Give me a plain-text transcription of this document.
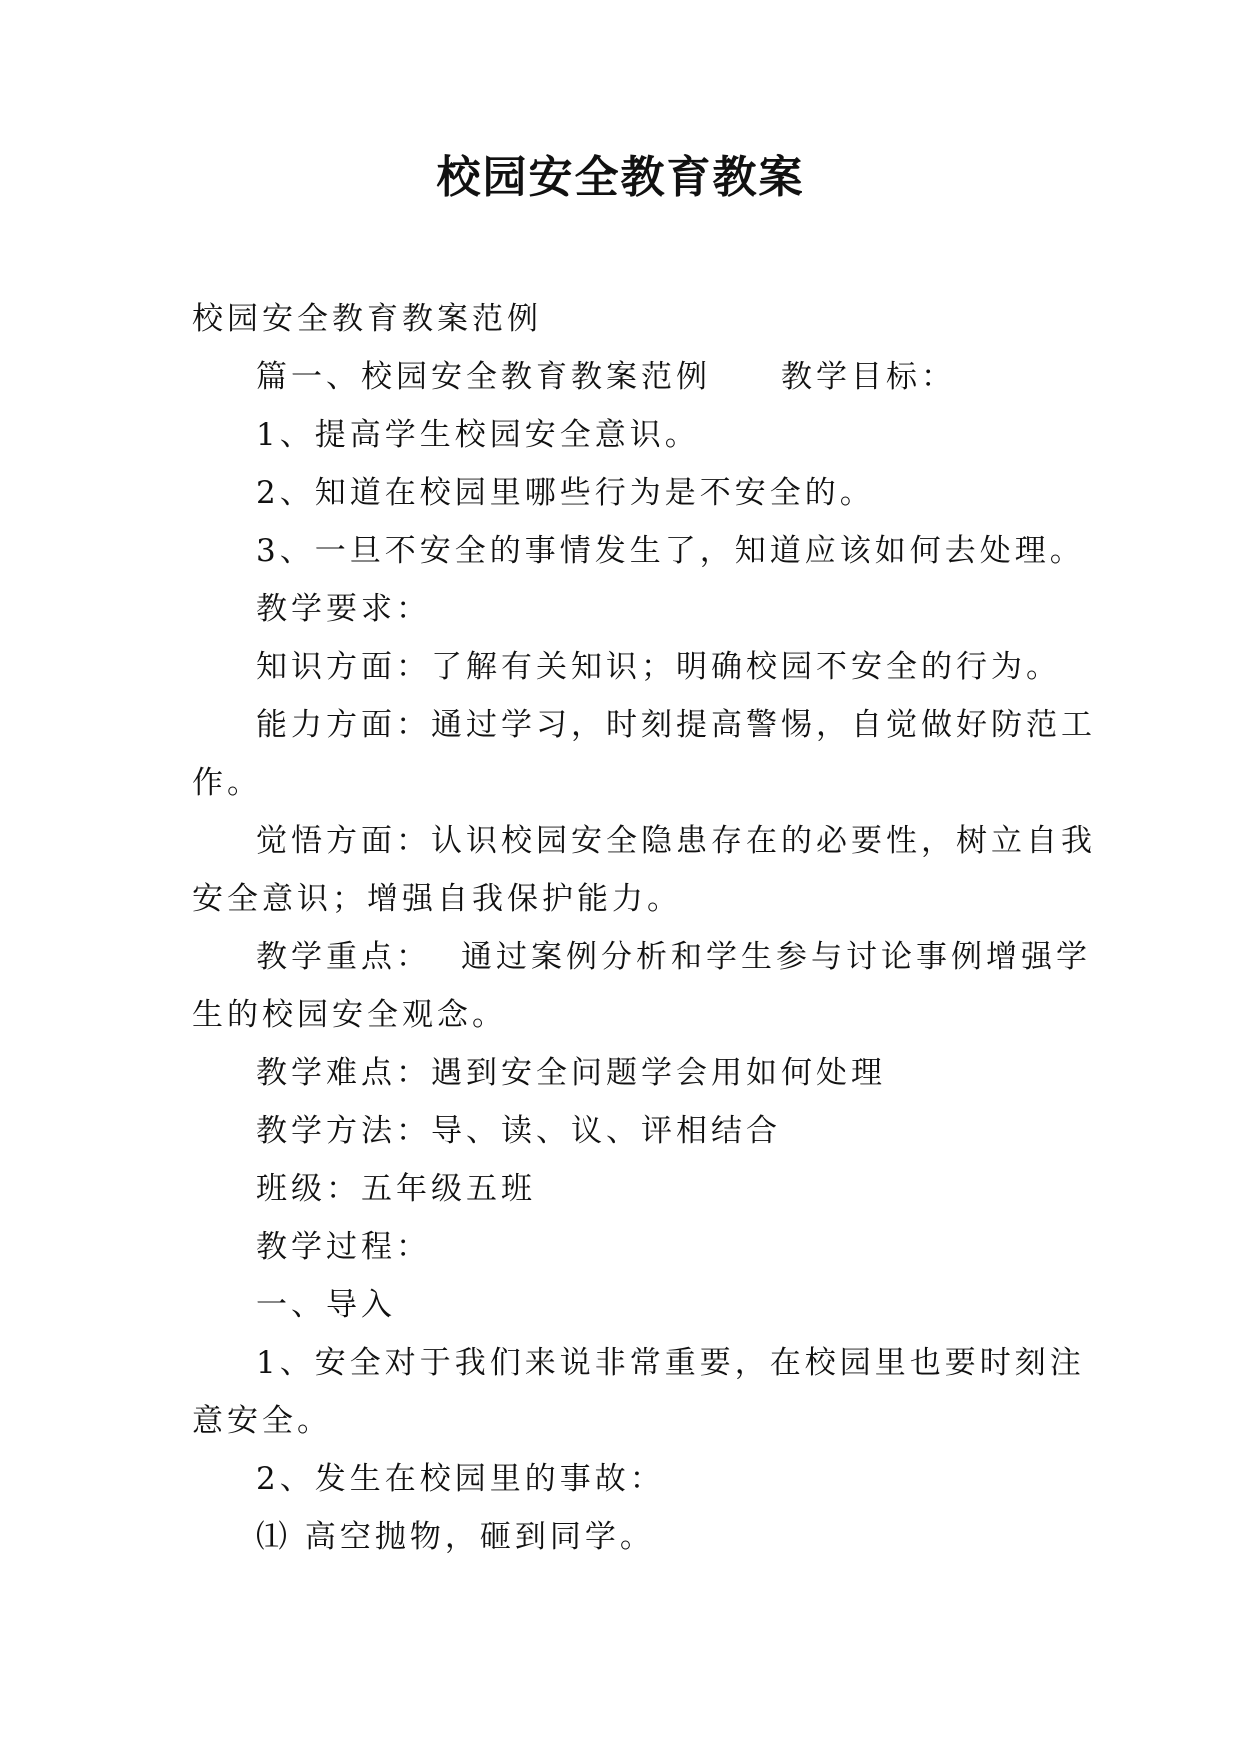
校园安全教育教案

校园安全教育教案范例

篇一、校园安全教育教案范例 教学目标：

1、提高学生校园安全意识。

2、知道在校园里哪些行为是不安全的。

3、一旦不安全的事情发生了，知道应该如何去处理。

教学要求：

知识方面：了解有关知识；明确校园不安全的行为。

能力方面：通过学习，时刻提高警惕，自觉做好防范工

作。

觉悟方面：认识校园安全隐患存在的必要性，树立自我

安全意识；增强自我保护能力。

教学重点： 通过案例分析和学生参与讨论事例增强学

生的校园安全观念。

教学难点：遇到安全问题学会用如何处理

教学方法：导、读、议、评相结合

班级：五年级五班

教学过程：

一、导入

1、安全对于我们来说非常重要，在校园里也要时刻注

意安全。

2、发生在校园里的事故：

⑴ 高空抛物，砸到同学。
